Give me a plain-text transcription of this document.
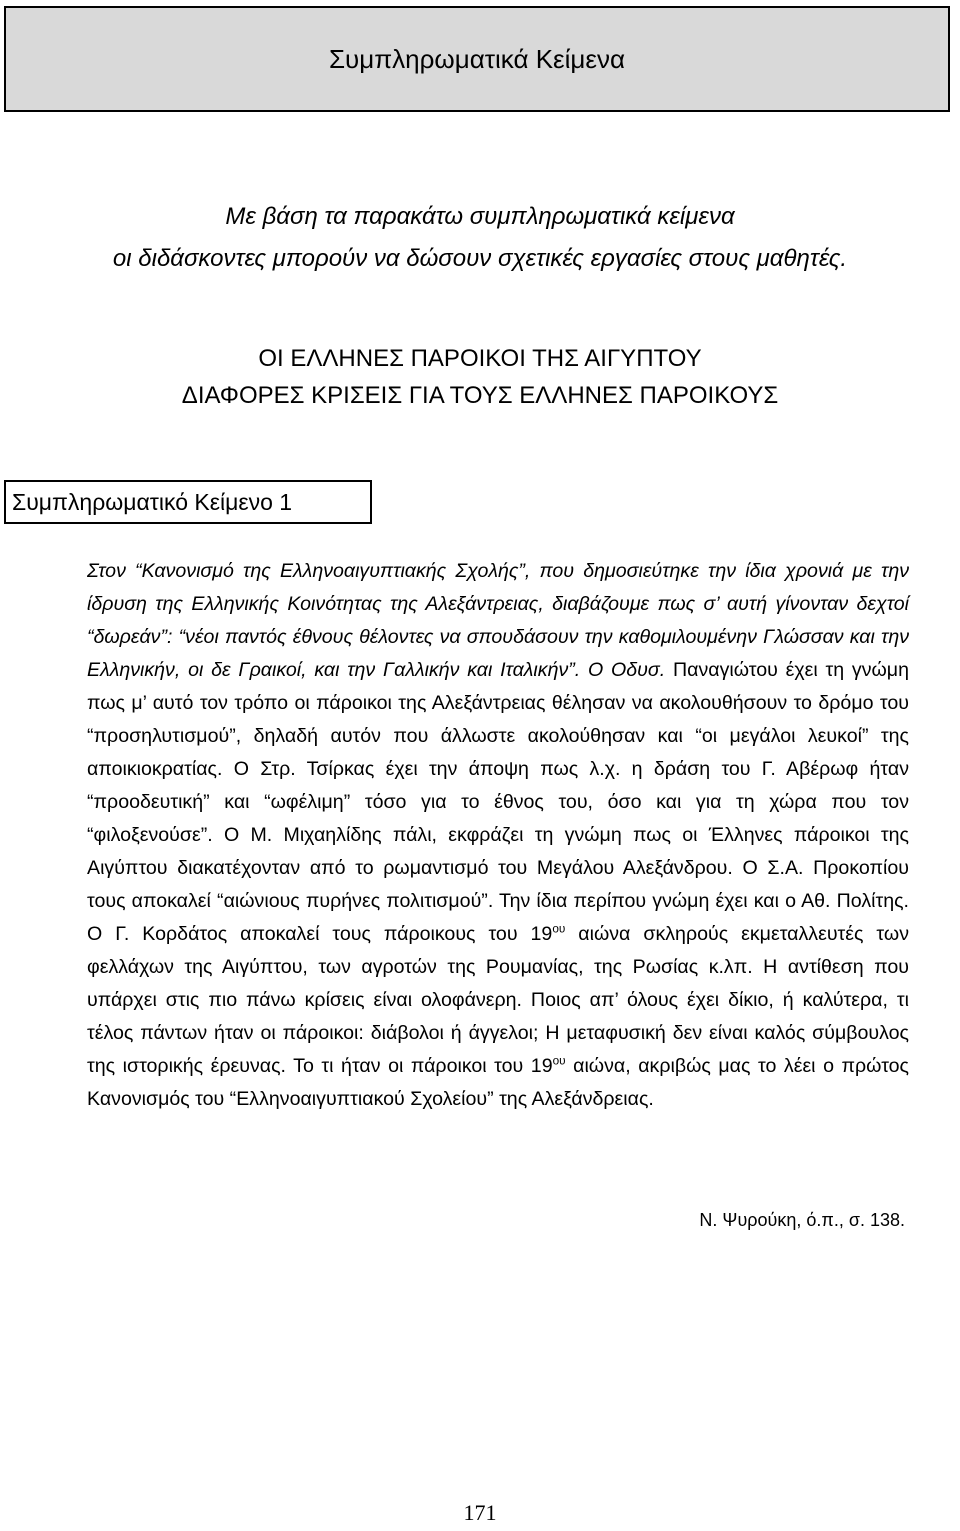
Συμπληρωματικά Κείμενα
Με βάση τα παρακάτω συμπληρωματικά κείμενα
οι διδάσκοντες μπορούν να δώσουν σχετικές εργασίες στους μαθητές.
ΟΙ ΕΛΛΗΝΕΣ ΠΑΡΟΙΚΟΙ ΤΗΣ ΑΙΓΥΠΤΟΥ
ΔΙΑΦΟΡΕΣ ΚΡΙΣΕΙΣ ΓΙΑ ΤΟΥΣ ΕΛΛΗΝΕΣ ΠΑΡΟΙΚΟΥΣ
Συμπληρωματικό Κείμενο 1
Στον “Κανονισμό της Ελληνοαιγυπτιακής Σχολής”, που δημοσιεύτηκε την ίδια χρονιά με την ίδρυση της Ελληνικής Κοινότητας της Αλεξάντρειας, διαβάζουμε πως σ’ αυτή γίνονταν δεχτοί “δωρεάν”: “νέοι παντός έθνους θέλοντες να σπουδάσουν την καθομιλουμένην Γλώσσαν και την Ελληνικήν, οι δε Γραικοί, και την Γαλλικήν και Ιταλικήν”. Ο Οδυσ. Παναγιώτου έχει τη γνώμη πως μ’ αυτό τον τρόπο οι πάροικοι της Αλεξάντρειας θέλησαν να ακολουθήσουν το δρόμο του “προσηλυτισμού”, δηλαδή αυτόν που άλλωστε ακολούθησαν και “οι μεγάλοι λευκοί” της αποικιοκρατίας. Ο Στρ. Τσίρκας έχει την άποψη πως λ.χ. η δράση του Γ. Αβέρωφ ήταν “προοδευτική” και “ωφέλιμη” τόσο για το έθνος του, όσο και για τη χώρα που τον “φιλοξενούσε”. Ο Μ. Μιχαηλίδης πάλι, εκφράζει τη γνώμη πως οι Έλληνες πάροικοι της Αιγύπτου διακατέχονταν από το ρωμαντισμό του Μεγάλου Αλεξάνδρου. Ο Σ.Α. Προκοπίου τους αποκαλεί “αιώνιους πυρήνες πολιτισμού”. Την ίδια περίπου γνώμη έχει και ο Αθ. Πολίτης. Ο Γ. Κορδάτος αποκαλεί τους πάροικους του $19^{o\upsilon}$ αιώνα σκληρούς εκμεταλλευτές των φελλάχων της Αιγύπτου, των αγροτών της Ρουμανίας, της Ρωσίας κ.λπ. Η αντίθεση που υπάρχει στις πιο πάνω κρίσεις είναι ολοφάνερη. Ποιος απ’ όλους έχει δίκιο, ή καλύτερα, τι τέλος πάντων ήταν οι πάροικοι: διάβολοι ή άγγελοι; Η μεταφυσική δεν είναι καλός σύμβουλος της ιστορικής έρευνας. Το τι ήταν οι πάροικοι του $19^{o\upsilon}$ αιώνα, ακριβώς μας το λέει ο πρώτος Κανονισμός του “Ελληνοαιγυπτιακού Σχολείου” της Αλεξάνδρειας.
Ν. Ψυρούκη, ό.π., σ. 138.
171
